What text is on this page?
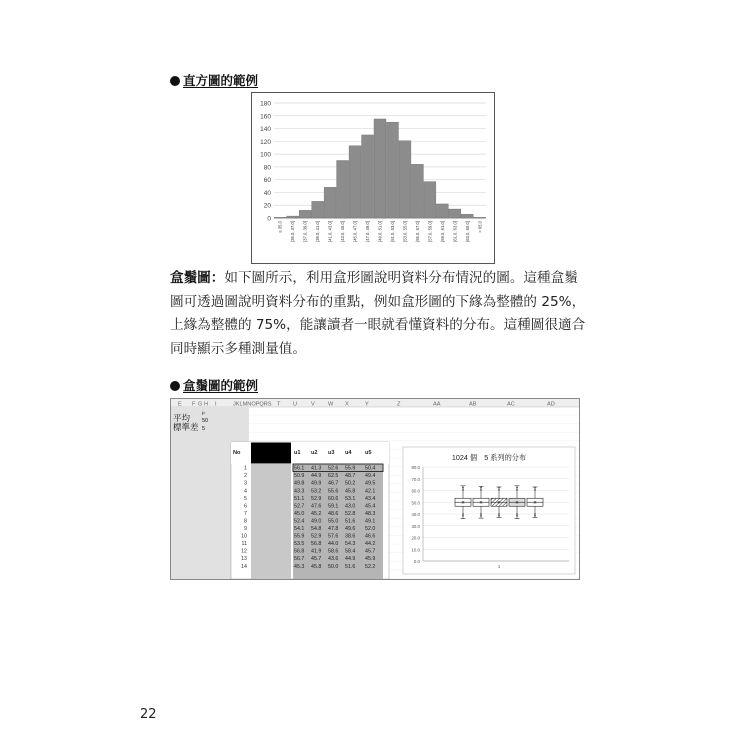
直方圖的範例
0
20
40
60
80
100
120
140
160
180
≤ 35.0 (35.0, 37.0] (37.0, 39.0] (39.0, 41.0] (41.0, 43.0] (43.0, 45.0] (45.0, 47.0] (47.0, 49.0] (49.0, 51.0] (51.0, 53.0] (53.0, 55.0] (55.0, 57.0] (57.0, 59.0] (59.0, 61.0] (61.0, 63.0] (63.0, 65.0] > 65.0
盒鬚圖：如下圖所示，利用盒形圖說明資料分布情況的圖。這種盒鬚
圖可透過圖說明資料分布的重點，例如盒形圖的下緣為整體的 25%，
上緣為整體的 75%，能讓讀者一眼就看懂資料的分布。這種圖很適合
同時顯示多種測量值。
盒鬚圖的範例
E F G H I	JKLMNOPQRS T U V W X	Y	Z	AA	AB	AC	AD
平均
標準差
μ
50
5
No	u1 u2 u3 u4 u5
1	56.1 41.3 52.6 55.9 50.4
2	50.9 44.9 62.5 48.7 49.4
3	49.8 49.9 46.7 50.2 49.5
4	43.3 53.2 55.6 45.8 42.1
5	51.1 52.9 60.6 53.1 43.4
6	52.7 47.6 59.1 43.0 45.4
7	45.0 45.2 48.6 52.8 48.3
8	52.4 49.0 55.0 51.6 49.1
9	54.1 54.8 47.8 49.6 52.0
10	55.9 52.9 57.6 38.6 46.6
11	53.5 56.8 44.0 54.3 44.2
12	56.8 41.9 58.6 58.4 45.7
13	56.7 45.7 43.6 44.9 45.9
14	45.3 45.8 50.0 51.6 52.2
1024 個　5 系列的分布
0.0
10.0
20.0
30.0
40.0
50.0
60.0
70.0
80.0
× × × × ×
1
22
